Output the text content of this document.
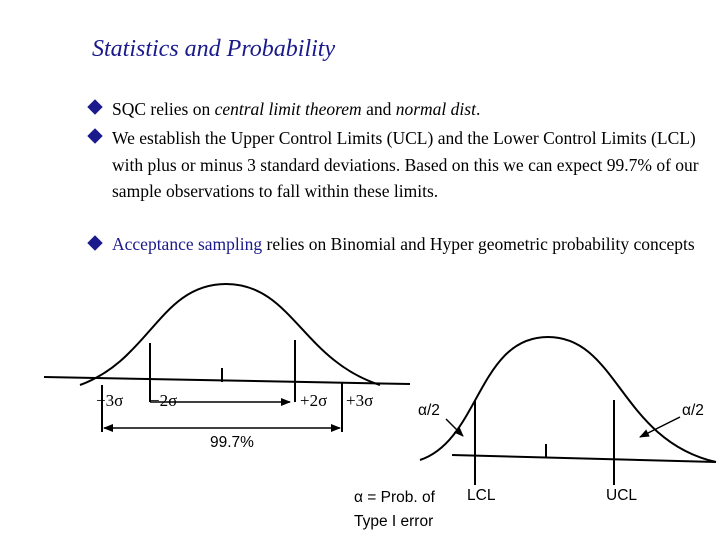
Statistics and Probability
SQC relies on central limit theorem and normal dist.
We establish the Upper Control Limits (UCL) and the Lower Control Limits (LCL) with plus or minus 3 standard deviations. Based on this we can expect 99.7% of our sample observations to fall within these limits.
Acceptance sampling relies on Binomial and Hyper geometric probability concepts
−3σ −2σ	+2σ +3σ
99.7%
α/2	α/2
LCL	UCL
α = Prob. of
Type I error
